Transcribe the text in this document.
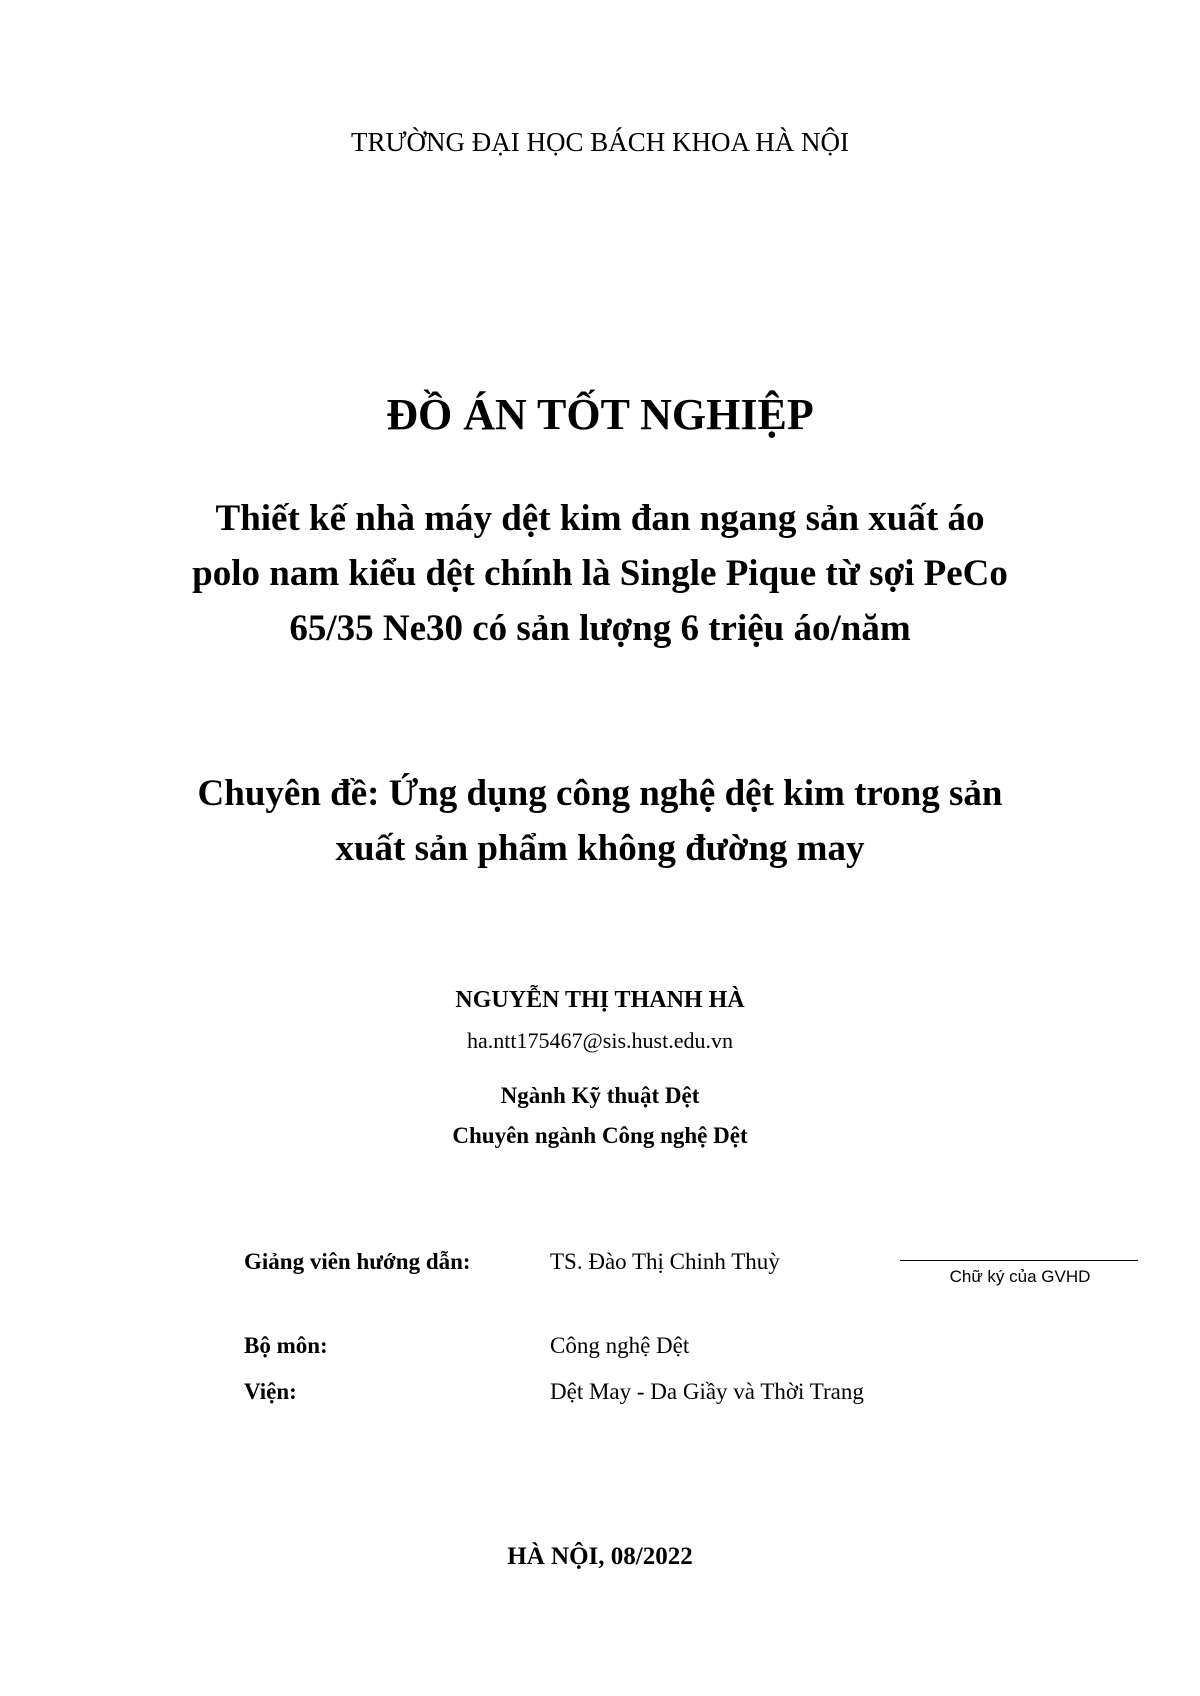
TRƯỜNG ĐẠI HỌC BÁCH KHOA HÀ NỘI
ĐỒ ÁN TỐT NGHIỆP
Thiết kế nhà máy dệt kim đan ngang sản xuất áo polo nam kiểu dệt chính là Single Pique từ sợi PeCo 65/35 Ne30 có sản lượng 6 triệu áo/năm
Chuyên đề: Ứng dụng công nghệ dệt kim trong sản xuất sản phẩm không đường may
NGUYỄN THỊ THANH HÀ
ha.ntt175467@sis.hust.edu.vn
Ngành Kỹ thuật Dệt
Chuyên ngành Công nghệ Dệt
Giảng viên hướng dẫn:	TS. Đào Thị Chinh Thuỳ
Chữ ký của GVHD
Bộ môn:	Công nghệ Dệt
Viện:	Dệt May - Da Giầy và Thời Trang
HÀ NỘI, 08/2022
